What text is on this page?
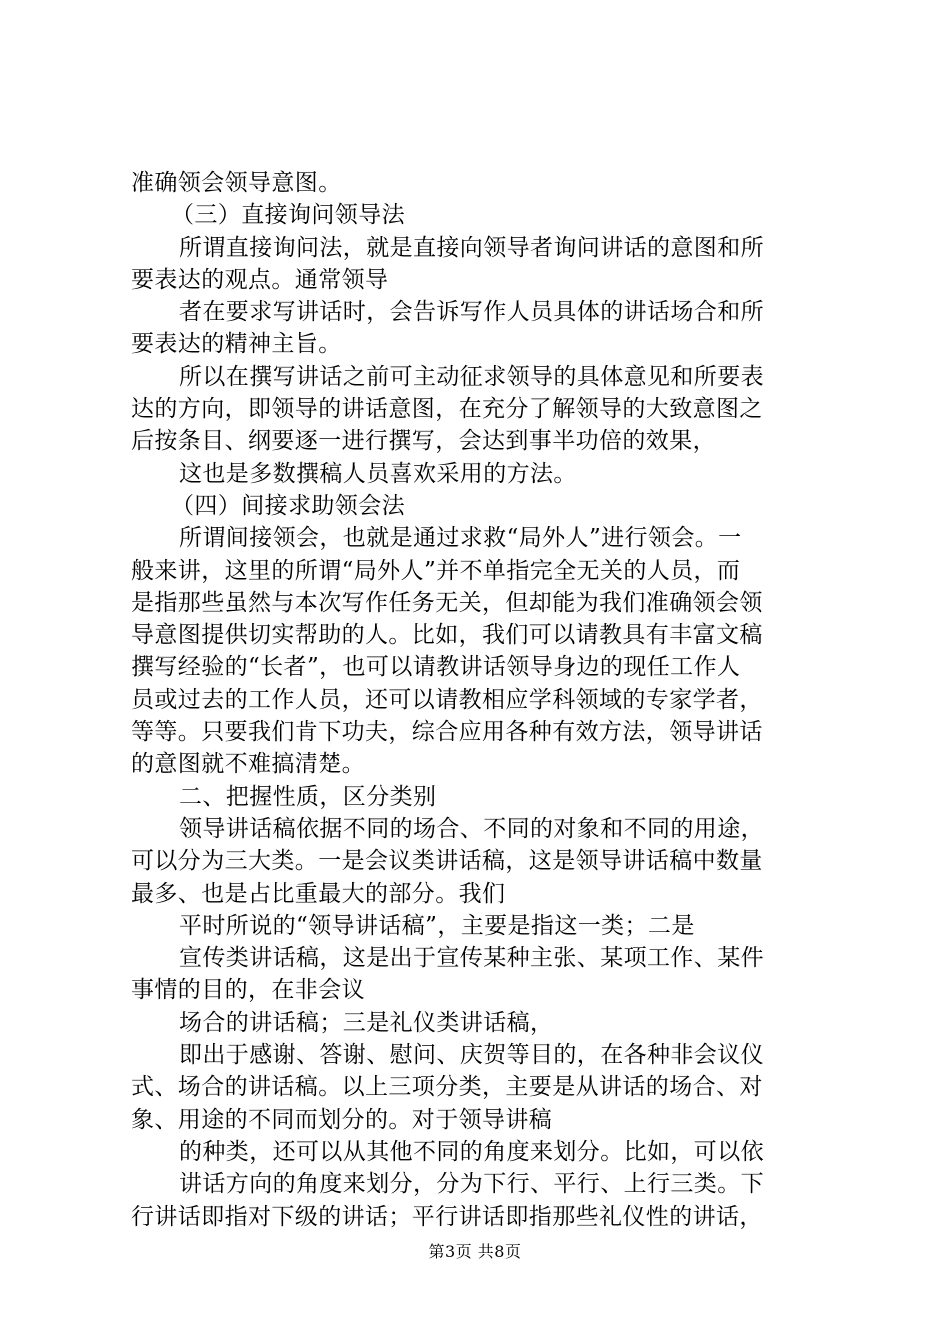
准确领会领导意图。
（三）直接询问领导法
所谓直接询问法，就是直接向领导者询问讲话的意图和所
要表达的观点。通常领导
者在要求写讲话时，会告诉写作人员具体的讲话场合和所
要表达的精神主旨。
所以在撰写讲话之前可主动征求领导的具体意见和所要表
达的方向，即领导的讲话意图，在充分了解领导的大致意图之
后按条目、纲要逐一进行撰写，会达到事半功倍的效果，
这也是多数撰稿人员喜欢采用的方法。
（四）间接求助领会法
所谓间接领会，也就是通过求救“局外人”进行领会。一
般来讲，这里的所谓“局外人”并不单指完全无关的人员，而
是指那些虽然与本次写作任务无关，但却能为我们准确领会领
导意图提供切实帮助的人。比如，我们可以请教具有丰富文稿
撰写经验的“长者”，也可以请教讲话领导身边的现任工作人
员或过去的工作人员，还可以请教相应学科领域的专家学者，
等等。只要我们肯下功夫，综合应用各种有效方法，领导讲话
的意图就不难搞清楚。
二、把握性质，区分类别
领导讲话稿依据不同的场合、不同的对象和不同的用途，
可以分为三大类。一是会议类讲话稿，这是领导讲话稿中数量
最多、也是占比重最大的部分。我们
平时所说的“领导讲话稿”，主要是指这一类；二是
宣传类讲话稿，这是出于宣传某种主张、某项工作、某件
事情的目的，在非会议
场合的讲话稿；三是礼仪类讲话稿，
即出于感谢、答谢、慰问、庆贺等目的，在各种非会议仪
式、场合的讲话稿。以上三项分类，主要是从讲话的场合、对
象、用途的不同而划分的。对于领导讲稿
的种类，还可以从其他不同的角度来划分。比如，可以依
讲话方向的角度来划分，分为下行、平行、上行三类。下
行讲话即指对下级的讲话；平行讲话即指那些礼仪性的讲话，
第3页 共8页
